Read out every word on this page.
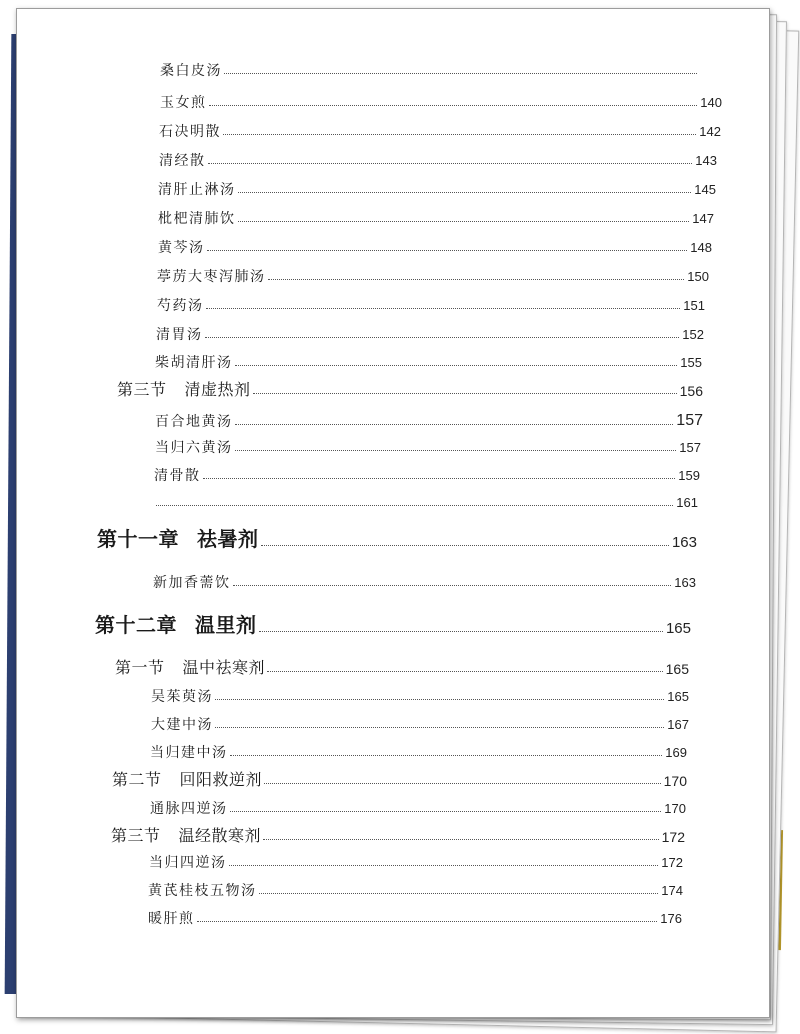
桑白皮汤
玉女煎	140
石决明散	142
清经散	143
清肝止淋汤	145
枇杷清肺饮	147
黄芩汤	148
葶苈大枣泻肺汤	150
芍药汤	151
清胃汤	152
柴胡清肝汤	155
第三节 清虚热剂	156
百合地黄汤	157
当归六黄汤	157
清骨散	159
161
第十一章 祛暑剂	163
新加香薷饮	163
第十二章 温里剂	165
第一节 温中祛寒剂	165
吴茱萸汤	165
大建中汤	167
当归建中汤	169
第二节 回阳救逆剂	170
通脉四逆汤	170
第三节 温经散寒剂	172
当归四逆汤	172
黄芪桂枝五物汤	174
暖肝煎	176
